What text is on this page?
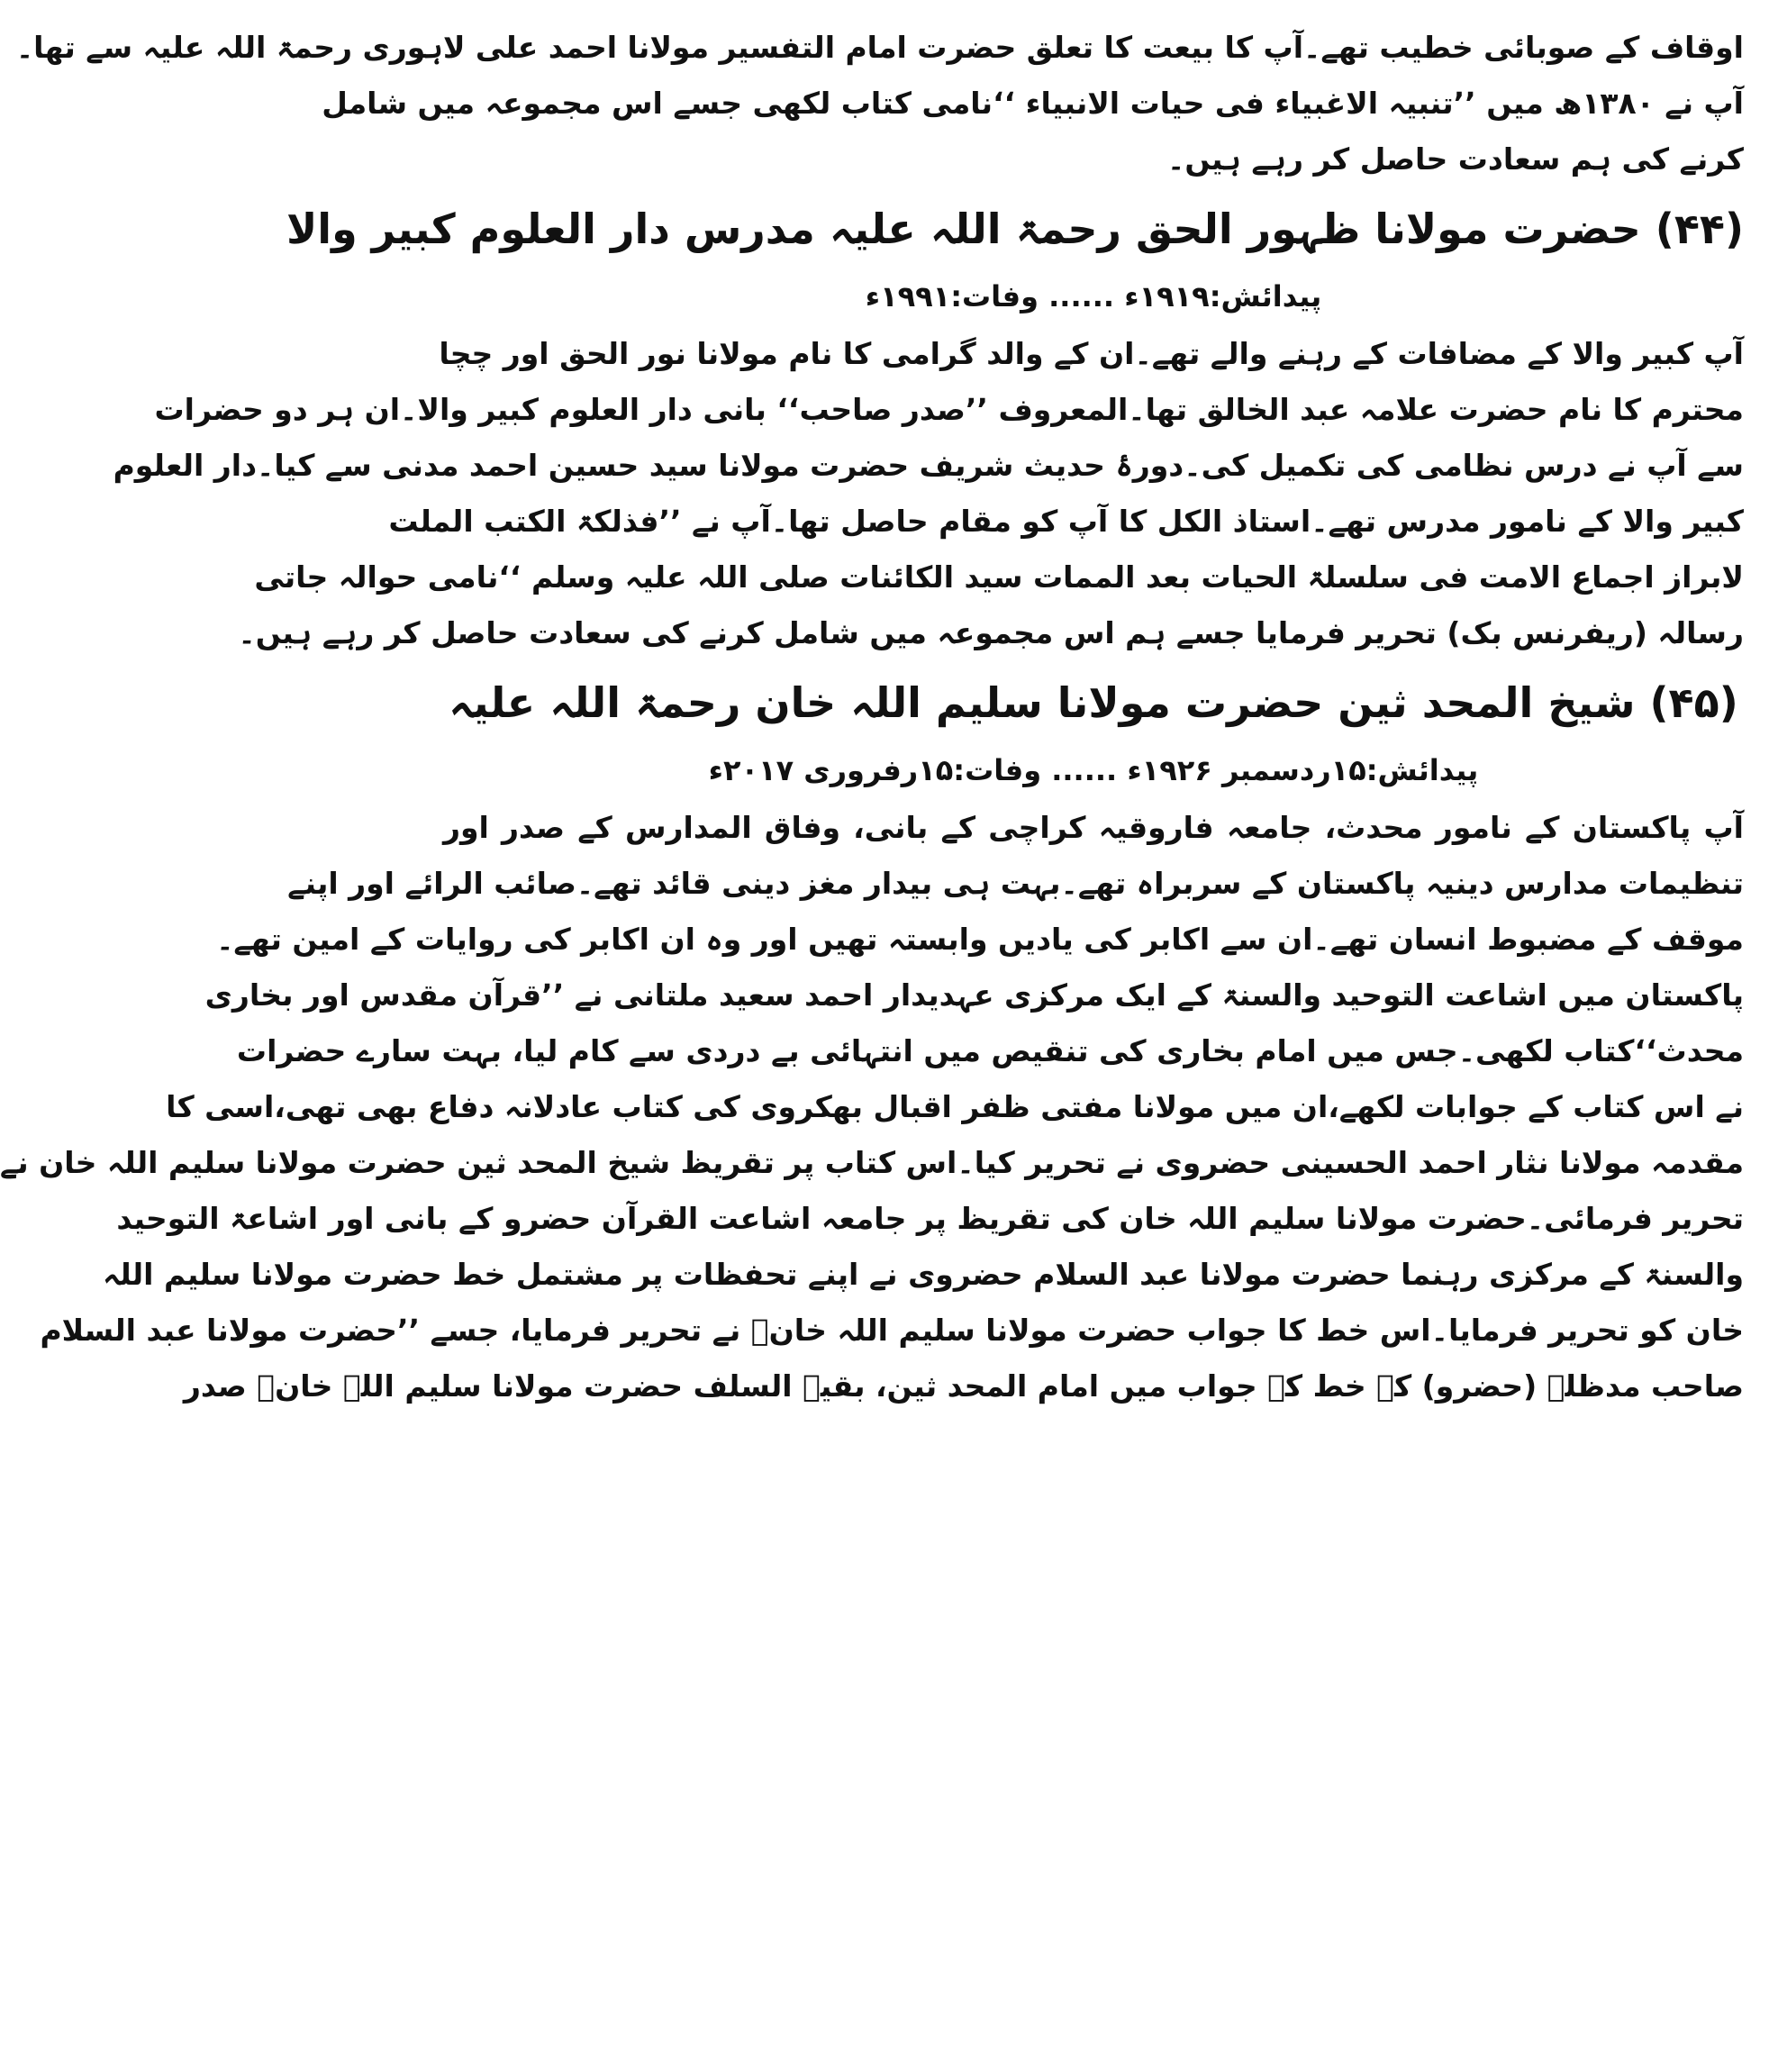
اوقاف کے صوبائی خطیب تھے۔آپ کا بیعت کا تعلق حضرت امام التفسیر مولانا احمد علی لاہوری رحمۃ اللہ علیہ سے تھا۔
آپ نے ۱۳۸۰ھ میں ’’تنبیہ الاغبیاء فی حیات الانبیاء ‘‘نامی کتاب لکھی جسے اس مجموعہ میں شامل
کرنے کی ہم سعادت حاصل کر رہے ہیں۔
(۴۴) حضرت مولانا ظہور الحق رحمۃ اللہ علیہ مدرس دار العلوم کبیر والا
پیدائش:۱۹۱۹ء ...... وفات:۱۹۹۱ء
آپ کبیر والا کے مضافات کے رہنے والے تھے۔ان کے والد گرامی کا نام مولانا نور الحق اور چچا
محترم کا نام حضرت علامہ عبد الخالق تھا۔المعروف ’’صدر صاحب‘‘ بانی دار العلوم کبیر والا۔ان ہر دو حضرات
سے آپ نے درس نظامی کی تکمیل کی۔دورۂ حدیث شریف حضرت مولانا سید حسین احمد مدنی سے کیا۔دار العلوم
کبیر والا کے نامور مدرس تھے۔استاذ الکل کا آپ کو مقام حاصل تھا۔آپ نے ’’فذلکۃ الکتب الملت
لابراز اجماع الامت فی سلسلۃ الحیات بعد الممات سید الکائنات صلی اللہ علیہ وسلم ‘‘نامی حوالہ جاتی
رسالہ (ریفرنس بک) تحریر فرمایا جسے ہم اس مجموعہ میں شامل کرنے کی سعادت حاصل کر رہے ہیں۔
(۴۵) شیخ المحد ثین حضرت مولانا سلیم اللہ خان رحمۃ اللہ علیہ
پیدائش:۱۵ردسمبر ۱۹۲۶ء ...... وفات:۱۵رفروری ۲۰۱۷ء
آپ پاکستان کے نامور محدث، جامعہ فاروقیہ کراچی کے بانی، وفاق المدارس کے صدر اور
تنظیمات مدارس دینیہ پاکستان کے سربراہ تھے۔بہت ہی بیدار مغز دینی قائد تھے۔صائب الرائے اور اپنے
موقف کے مضبوط انسان تھے۔ان سے اکابر کی یادیں وابستہ تھیں اور وہ ان اکابر کی روایات کے امین تھے۔
پاکستان میں اشاعت التوحید والسنۃ کے ایک مرکزی عہدیدار احمد سعید ملتانی نے ’’قرآن مقدس اور بخاری
محدث‘‘کتاب لکھی۔جس میں امام بخاری کی تنقیص میں انتہائی بے دردی سے کام لیا، بہت سارے حضرات
نے اس کتاب کے جوابات لکھے،ان میں مولانا مفتی ظفر اقبال بھکروی کی کتاب عادلانہ دفاع بھی تھی،اسی کا
مقدمہ مولانا نثار احمد الحسینی حضروی نے تحریر کیا۔اس کتاب پر تقریظ شیخ المحد ثین حضرت مولانا سلیم اللہ خان نے
تحریر فرمائی۔حضرت مولانا سلیم اللہ خان کی تقریظ پر جامعہ اشاعت القرآن حضرو کے بانی اور اشاعۃ التوحید
والسنۃ کے مرکزی رہنما حضرت مولانا عبد السلام حضروی نے اپنے تحفظات پر مشتمل خط حضرت مولانا سلیم اللہ
خان کو تحریر فرمایا۔اس خط کا جواب حضرت مولانا سلیم اللہ خانؒ نے تحریر فرمایا، جسے ’’حضرت مولانا عبد السلام
صاحب مدظلہ (حضرو) کے خط کے جواب میں امام المحد ثین، بقیۃ السلف حضرت مولانا سلیم اللہ خانؒ صدر
